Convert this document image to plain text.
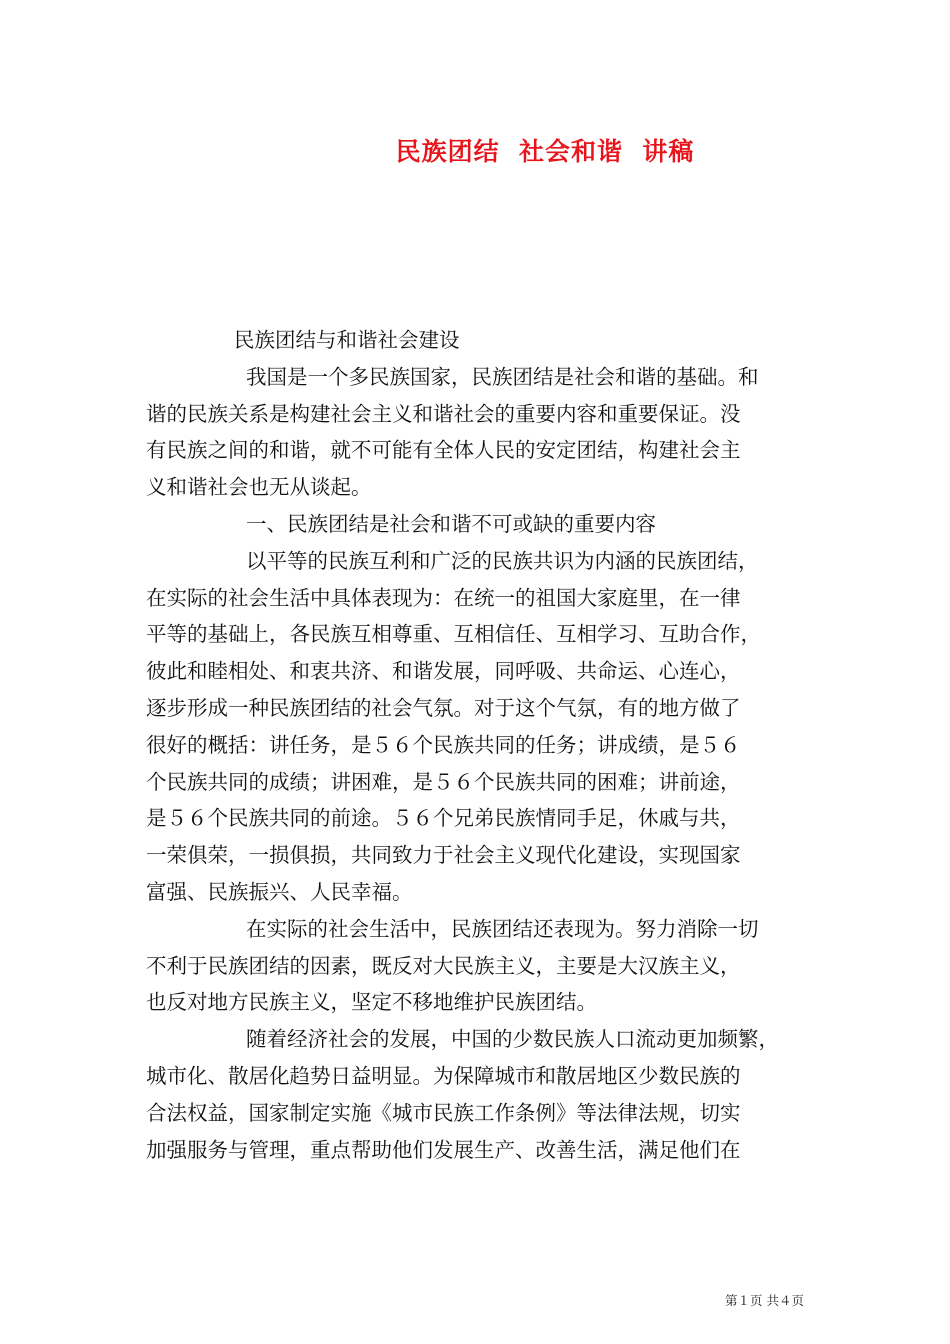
民族团结  社会和谐  讲稿
民族团结与和谐社会建设
我国是一个多民族国家，民族团结是社会和谐的基础。和
谐的民族关系是构建社会主义和谐社会的重要内容和重要保证。没
有民族之间的和谐，就不可能有全体人民的安定团结，构建社会主
义和谐社会也无从谈起。
一、民族团结是社会和谐不可或缺的重要内容
以平等的民族互利和广泛的民族共识为内涵的民族团结，
在实际的社会生活中具体表现为：在统一的祖国大家庭里，在一律
平等的基础上，各民族互相尊重、互相信任、互相学习、互助合作，
彼此和睦相处、和衷共济、和谐发展，同呼吸、共命运、心连心，
逐步形成一种民族团结的社会气氛。对于这个气氛，有的地方做了
很好的概括：讲任务，是５６个民族共同的任务；讲成绩，是５６
个民族共同的成绩；讲困难，是５６个民族共同的困难；讲前途，
是５６个民族共同的前途。５６个兄弟民族情同手足，休戚与共，
一荣俱荣，一损俱损，共同致力于社会主义现代化建设，实现国家
富强、民族振兴、人民幸福。
在实际的社会生活中，民族团结还表现为。努力消除一切
不利于民族团结的因素，既反对大民族主义，主要是大汉族主义，
也反对地方民族主义，坚定不移地维护民族团结。
随着经济社会的发展，中国的少数民族人口流动更加频繁，
城市化、散居化趋势日益明显。为保障城市和散居地区少数民族的
合法权益，国家制定实施《城市民族工作条例》等法律法规，切实
加强服务与管理，重点帮助他们发展生产、改善生活，满足他们在
第１页 共４页
